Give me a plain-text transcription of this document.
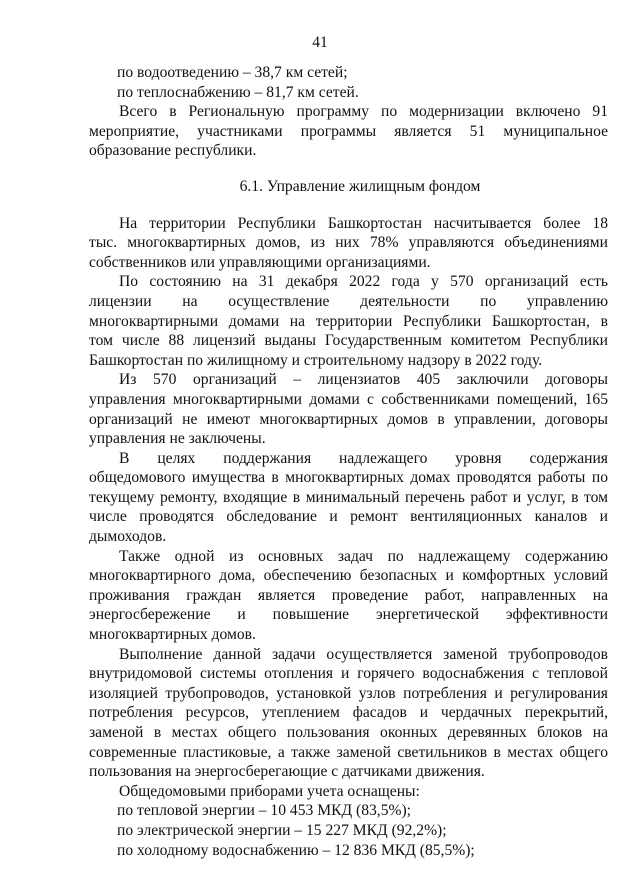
41
по водоотведению – 38,7 км сетей;
по теплоснабжению – 81,7 км сетей.
Всего в Региональную программу по модернизации включено 91
мероприятие, участниками программы является 51 муниципальное
образование республики.
6.1. Управление жилищным фондом
На территории Республики Башкортостан насчитывается более 18
тыс. многоквартирных домов, из них 78% управляются объединениями
собственников или управляющими организациями.
По состоянию на 31 декабря 2022 года у 570 организаций есть
лицензии на осуществление деятельности по управлению
многоквартирными домами на территории Республики Башкортостан, в
том числе 88 лицензий выданы Государственным комитетом Республики
Башкортостан по жилищному и строительному надзору в 2022 году.
Из 570 организаций – лицензиатов 405 заключили договоры
управления многоквартирными домами с собственниками помещений, 165
организаций не имеют многоквартирных домов в управлении, договоры
управления не заключены.
В целях поддержания надлежащего уровня содержания
общедомового имущества в многоквартирных домах проводятся работы по
текущему ремонту, входящие в минимальный перечень работ и услуг, в том
числе проводятся обследование и ремонт вентиляционных каналов и
дымоходов.
Также одной из основных задач по надлежащему содержанию
многоквартирного дома, обеспечению безопасных и комфортных условий
проживания граждан является проведение работ, направленных на
энергосбережение и повышение энергетической эффективности
многоквартирных домов.
Выполнение данной задачи осуществляется заменой трубопроводов
внутридомовой системы отопления и горячего водоснабжения с тепловой
изоляцией трубопроводов, установкой узлов потребления и регулирования
потребления ресурсов, утеплением фасадов и чердачных перекрытий,
заменой в местах общего пользования оконных деревянных блоков на
современные пластиковые, а также заменой светильников в местах общего
пользования на энергосберегающие с датчиками движения.
Общедомовыми приборами учета оснащены:
по тепловой энергии – 10 453 МКД (83,5%);
по электрической энергии – 15 227 МКД (92,2%);
по холодному водоснабжению – 12 836 МКД (85,5%);
